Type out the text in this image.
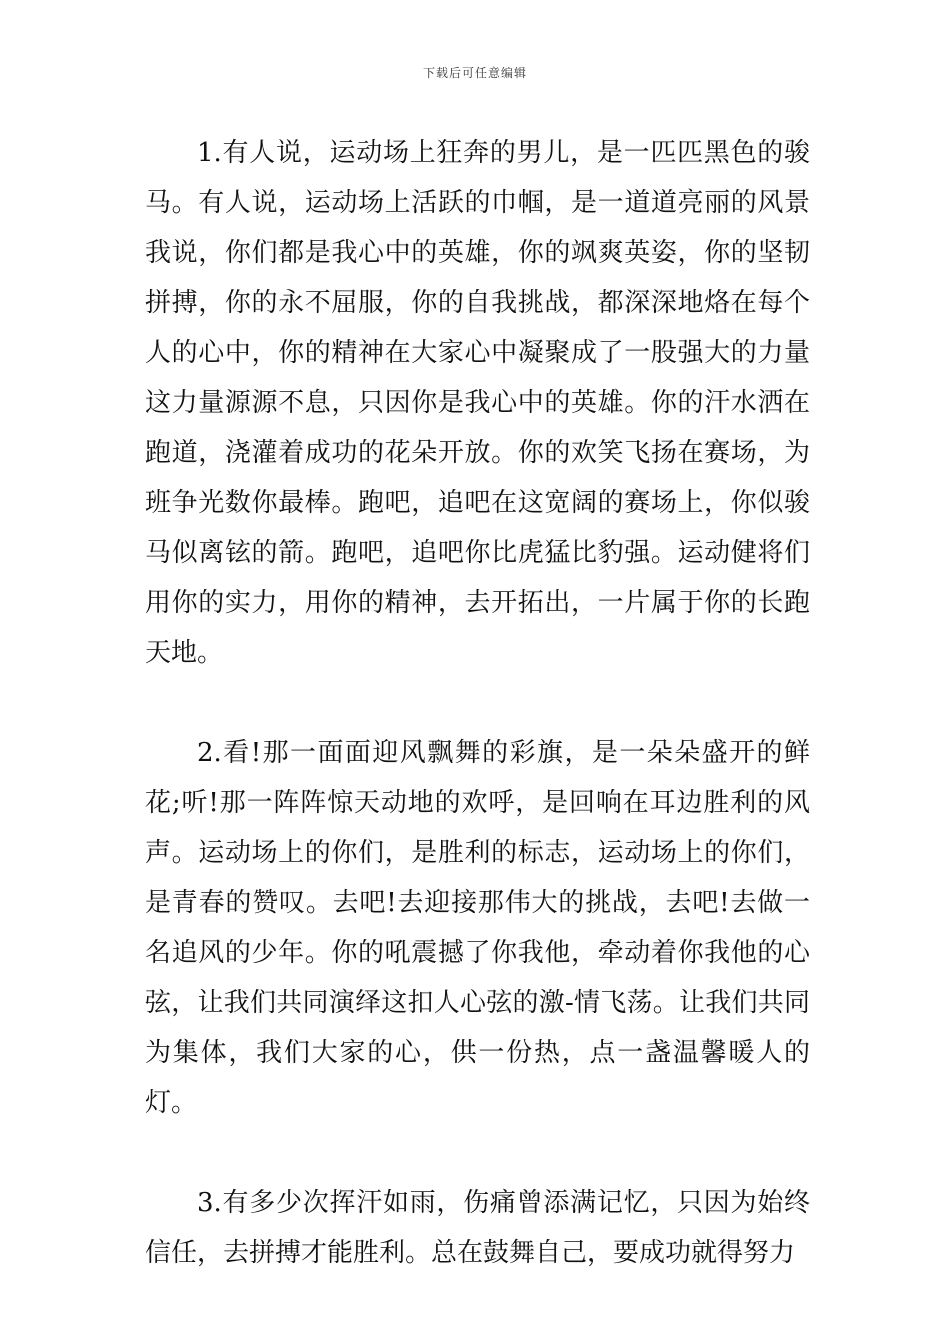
下载后可任意编辑

1.有人说，运动场上狂奔的男儿，是一匹匹黑色的骏马。有人说，运动场上活跃的巾帼，是一道道亮丽的风景我说，你们都是我心中的英雄，你的飒爽英姿，你的坚韧拼搏，你的永不屈服，你的自我挑战，都深深地烙在每个人的心中，你的精神在大家心中凝聚成了一股强大的力量这力量源源不息，只因你是我心中的英雄。你的汗水洒在跑道，浇灌着成功的花朵开放。你的欢笑飞扬在赛场，为班争光数你最棒。跑吧，追吧在这宽阔的赛场上，你似骏马似离铉的箭。跑吧，追吧你比虎猛比豹强。运动健将们用你的实力，用你的精神，去开拓出，一片属于你的长跑天地。

2.看!那一面面迎风飘舞的彩旗，是一朵朵盛开的鲜花;听!那一阵阵惊天动地的欢呼，是回响在耳边胜利的风声。运动场上的你们，是胜利的标志，运动场上的你们，是青春的赞叹。去吧!去迎接那伟大的挑战，去吧!去做一名追风的少年。你的吼震撼了你我他，牵动着你我他的心弦，让我们共同演绎这扣人心弦的激-情飞荡。让我们共同为集体，我们大家的心，供一份热，点一盏温馨暖人的灯。

3.有多少次挥汗如雨，伤痛曾添满记忆，只因为始终信任，去拼搏才能胜利。总在鼓舞自己，要成功就得努力
